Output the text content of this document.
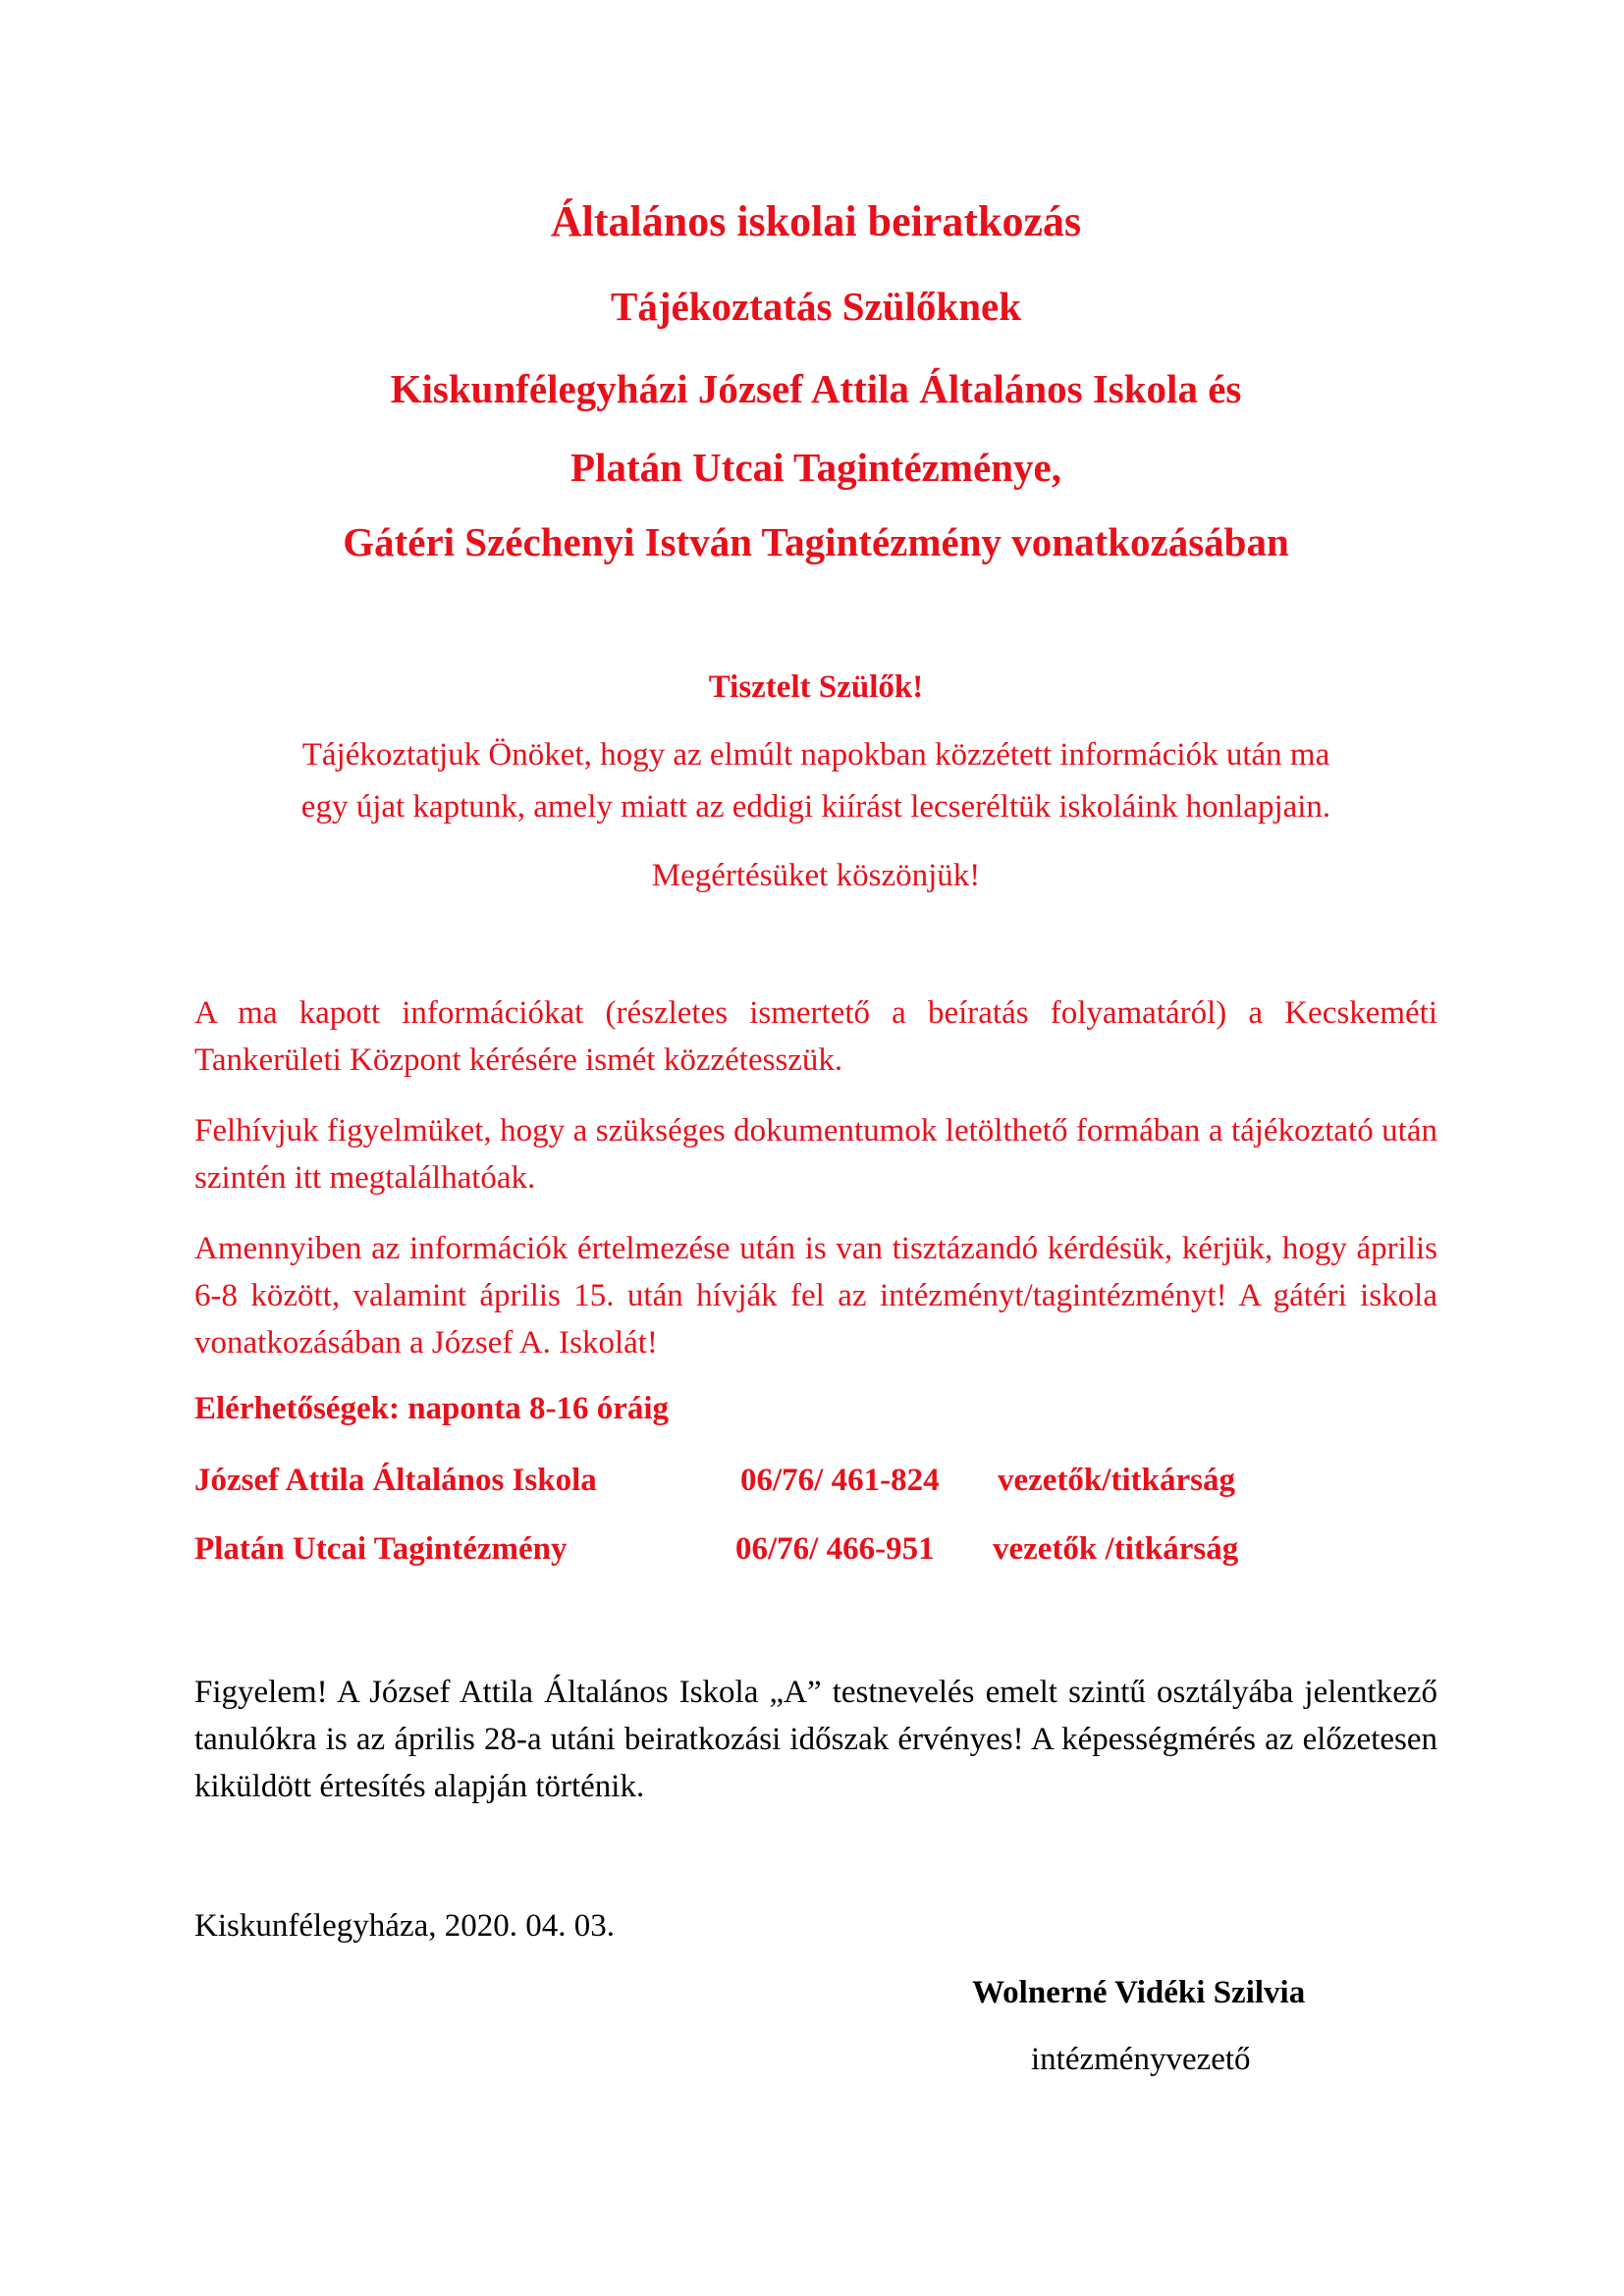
Általános iskolai beiratkozás
Tájékoztatás Szülőknek
Kiskunfélegyházi József Attila Általános Iskola és
Platán Utcai Tagintézménye,
Gátéri Széchenyi István Tagintézmény vonatkozásában
Tisztelt Szülők!
Tájékoztatjuk Önöket, hogy az elmúlt napokban közzétett információk után ma
egy újat kaptunk, amely miatt az eddigi kiírást lecseréltük iskoláink honlapjain.
Megértésüket köszönjük!
A ma kapott információkat (részletes ismertető a beíratás folyamatáról) a Kecskeméti Tankerületi Központ kérésére ismét közzétesszük.
Felhívjuk figyelmüket, hogy a szükséges dokumentumok letölthető formában a tájékoztató után szintén itt megtalálhatóak.
Amennyiben az információk értelmezése után is van tisztázandó kérdésük, kérjük, hogy április 6-8 között, valamint április 15. után hívják fel az intézményt/tagintézményt! A gátéri iskola vonatkozásában a József A. Iskolát!
Elérhetőségek: naponta 8-16 óráig
József Attila Általános Iskola	06/76/ 461-824 vezetők/titkárság
Platán Utcai Tagintézmény	06/76/ 466-951 vezetők /titkárság
Figyelem! A József Attila Általános Iskola „A” testnevelés emelt szintű osztályába jelentkező tanulókra is az április 28-a utáni beiratkozási időszak érvényes! A képességmérés az előzetesen kiküldött értesítés alapján történik.
Kiskunfélegyháza, 2020. 04. 03.
Wolnerné Vidéki Szilvia
intézményvezető
